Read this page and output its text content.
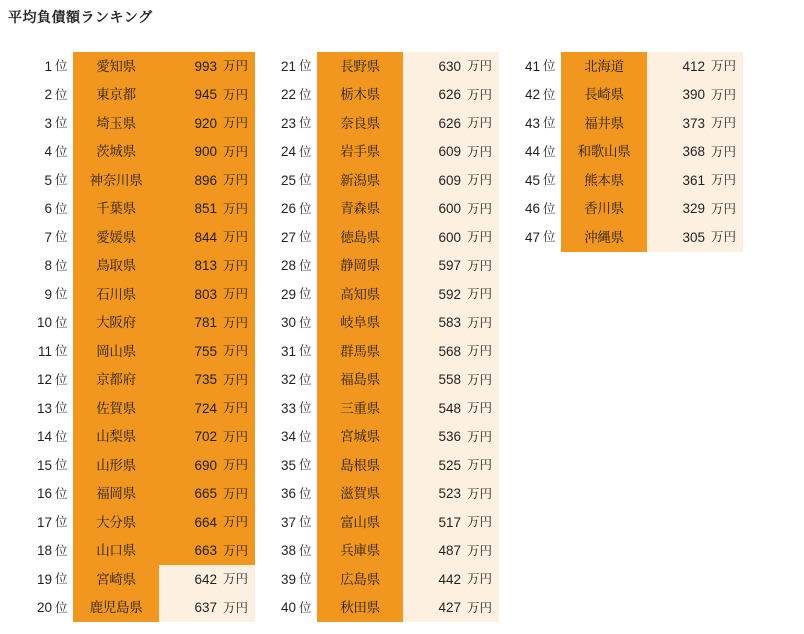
平均負債額ランキング
1 位	愛知県	993 万円
2 位	東京都	945 万円
3 位	埼玉県	920 万円
4 位	茨城県	900 万円
5 位	神奈川県	896 万円
6 位	千葉県	851 万円
7 位	愛媛県	844 万円
8 位	鳥取県	813 万円
9 位	石川県	803 万円
10 位	大阪府	781 万円
11 位	岡山県	755 万円
12 位	京都府	735 万円
13 位	佐賀県	724 万円
14 位	山梨県	702 万円
15 位	山形県	690 万円
16 位	福岡県	665 万円
17 位	大分県	664 万円
18 位	山口県	663 万円
19 位	宮崎県	642 万円
20 位	鹿児島県	637 万円
21 位	長野県	630 万円
22 位	栃木県	626 万円
23 位	奈良県	626 万円
24 位	岩手県	609 万円
25 位	新潟県	609 万円
26 位	青森県	600 万円
27 位	徳島県	600 万円
28 位	静岡県	597 万円
29 位	高知県	592 万円
30 位	岐阜県	583 万円
31 位	群馬県	568 万円
32 位	福島県	558 万円
33 位	三重県	548 万円
34 位	宮城県	536 万円
35 位	島根県	525 万円
36 位	滋賀県	523 万円
37 位	富山県	517 万円
38 位	兵庫県	487 万円
39 位	広島県	442 万円
40 位	秋田県	427 万円
41 位	北海道	412 万円
42 位	長崎県	390 万円
43 位	福井県	373 万円
44 位	和歌山県	368 万円
45 位	熊本県	361 万円
46 位	香川県	329 万円
47 位	沖縄県	305 万円
